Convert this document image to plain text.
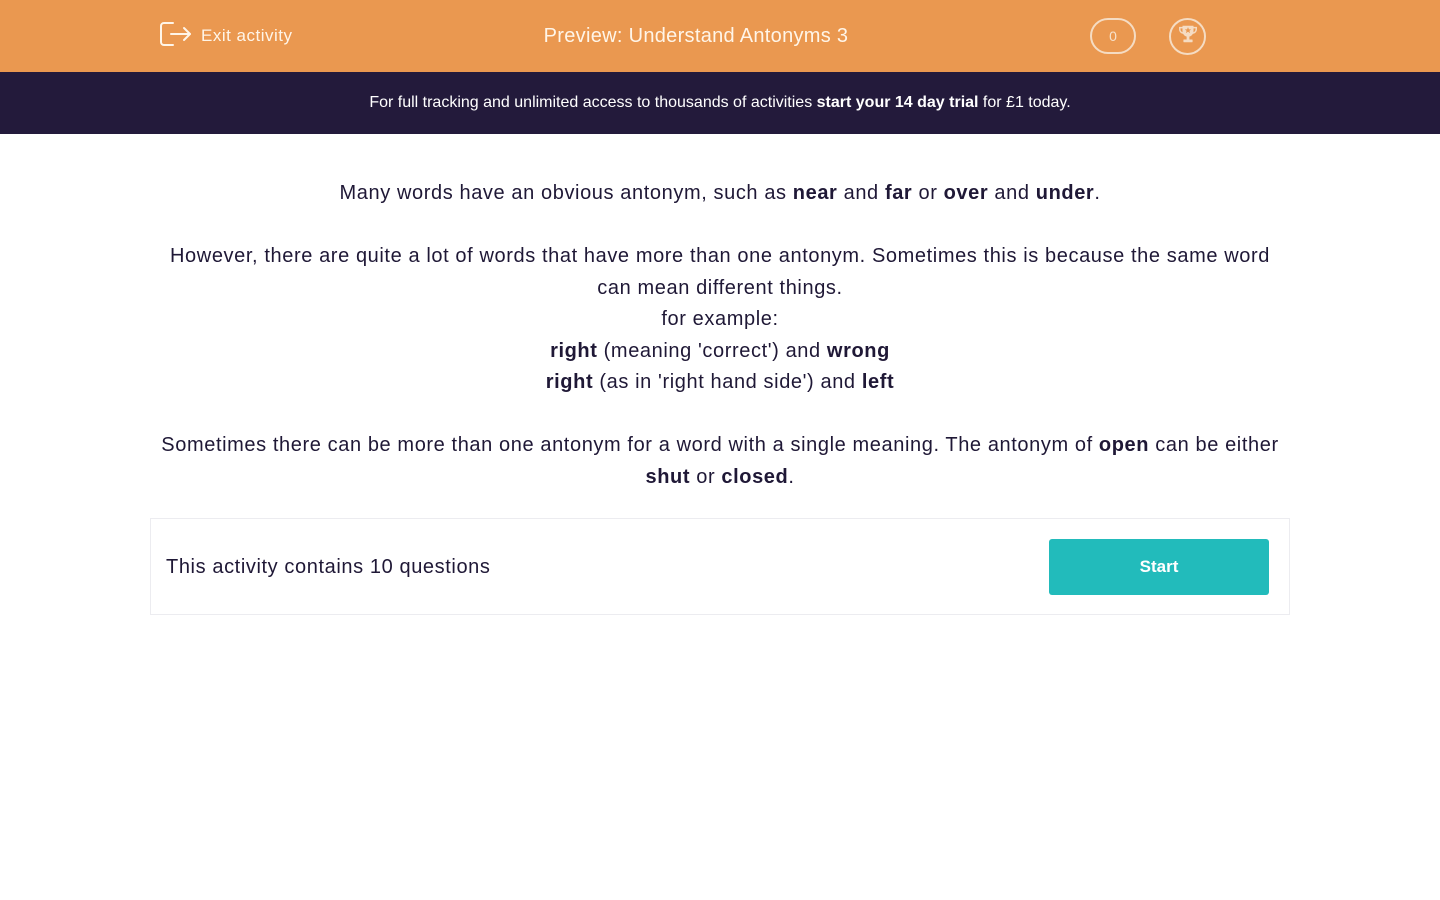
Exit activity	Preview: Understand Antonyms 3	0
For full tracking and unlimited access to thousands of activities start your 14 day trial for £1 today.

Many words have an obvious antonym, such as near and far or over and under.

However, there are quite a lot of words that have more than one antonym. Sometimes this is because the same word can mean different things.

for example:

right (meaning 'correct') and wrong

right (as in 'right hand side') and left

Sometimes there can be more than one antonym for a word with a single meaning. The antonym of open can be either shut or closed.

This activity contains 10 questions	Start
